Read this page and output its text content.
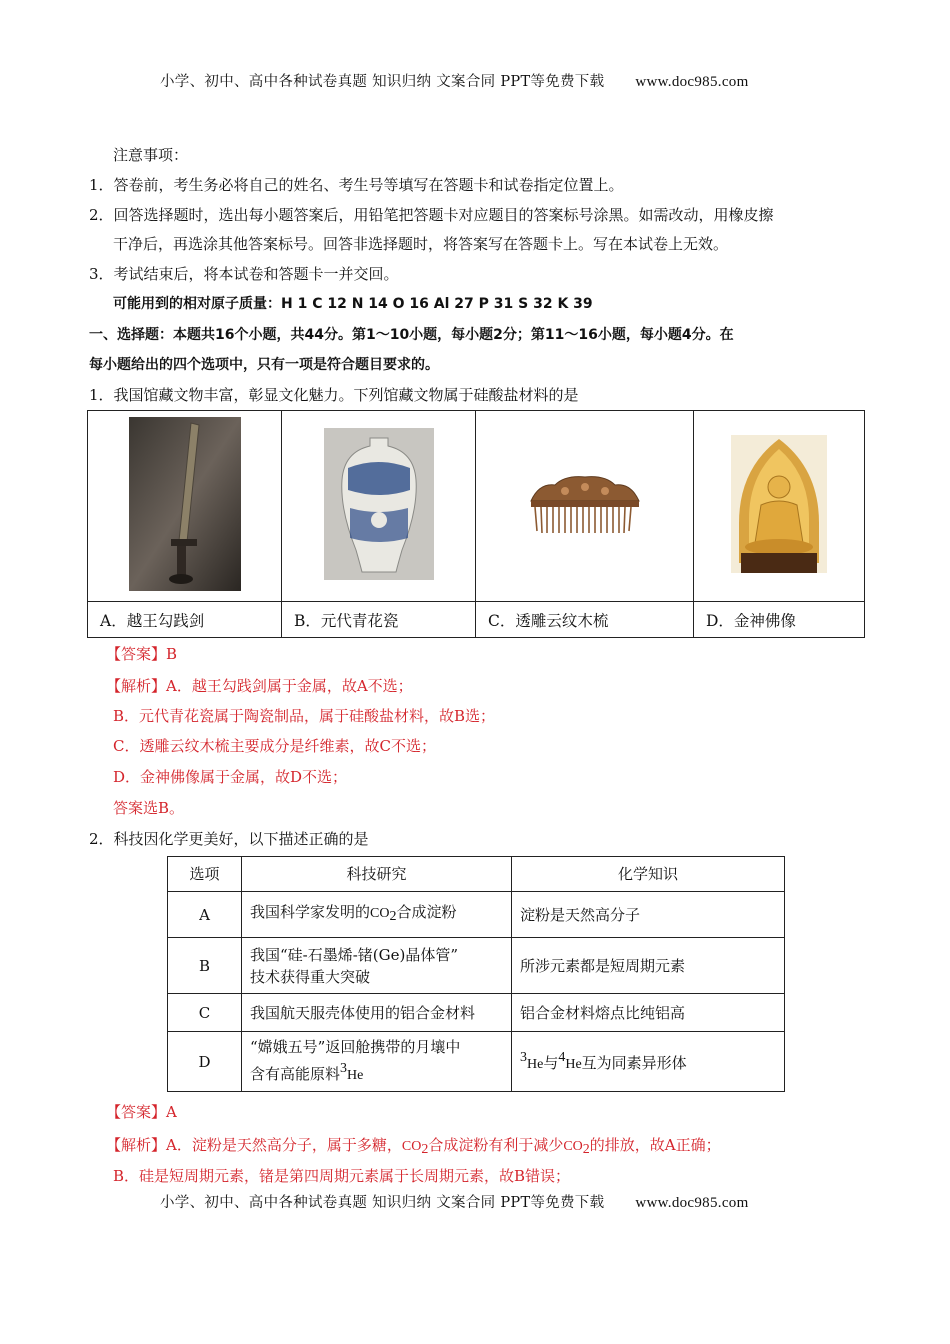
小学、初中、高中各种试卷真题 知识归纳 文案合同 PPT等免费下载 www.doc985.com
注意事项：
1．答卷前，考生务必将自己的姓名、考生号等填写在答题卡和试卷指定位置上。
2．回答选择题时，选出每小题答案后，用铅笔把答题卡对应题目的答案标号涂黑。如需改动，用橡皮擦
干净后，再选涂其他答案标号。回答非选择题时，将答案写在答题卡上。写在本试卷上无效。
3．考试结束后，将本试卷和答题卡一并交回。
可能用到的相对原子质量：H 1 C 12 N 14 O 16 Al 27 P 31 S 32 K 39
一、选择题：本题共16个小题，共44分。第1～10小题，每小题2分；第11～16小题，每小题4分。在
每小题给出的四个选项中，只有一项是符合题目要求的。
1．我国馆藏文物丰富，彰显文化魅力。下列馆藏文物属于硅酸盐材料的是

A．越王勾践剑	B．元代青花瓷	C．透雕云纹木梳	D．金神佛像
【答案】B
【解析】A．越王勾践剑属于金属，故A不选；
B．元代青花瓷属于陶瓷制品，属于硅酸盐材料，故B选；
C．透雕云纹木梳主要成分是纤维素，故C不选；
D．金神佛像属于金属，故D不选；
答案选B。
2．科技因化学更美好，以下描述正确的是
选项	科技研究	化学知识
A	我国科学家发明的CO2合成淀粉	淀粉是天然高分子
B	我国“硅-石墨烯-锗(Ge)晶体管”
技术获得重大突破	所涉元素都是短周期元素
C	我国航天服壳体使用的铝合金材料	铝合金材料熔点比纯铝高
D	“嫦娥五号”返回舱携带的月壤中
含有高能原料3He	3He与4He互为同素异形体
【答案】A
【解析】A．淀粉是天然高分子，属于多糖，CO2合成淀粉有利于减少CO2的排放，故A正确；
B．硅是短周期元素，锗是第四周期元素属于长周期元素，故B错误；
小学、初中、高中各种试卷真题 知识归纳 文案合同 PPT等免费下载 www.doc985.com
